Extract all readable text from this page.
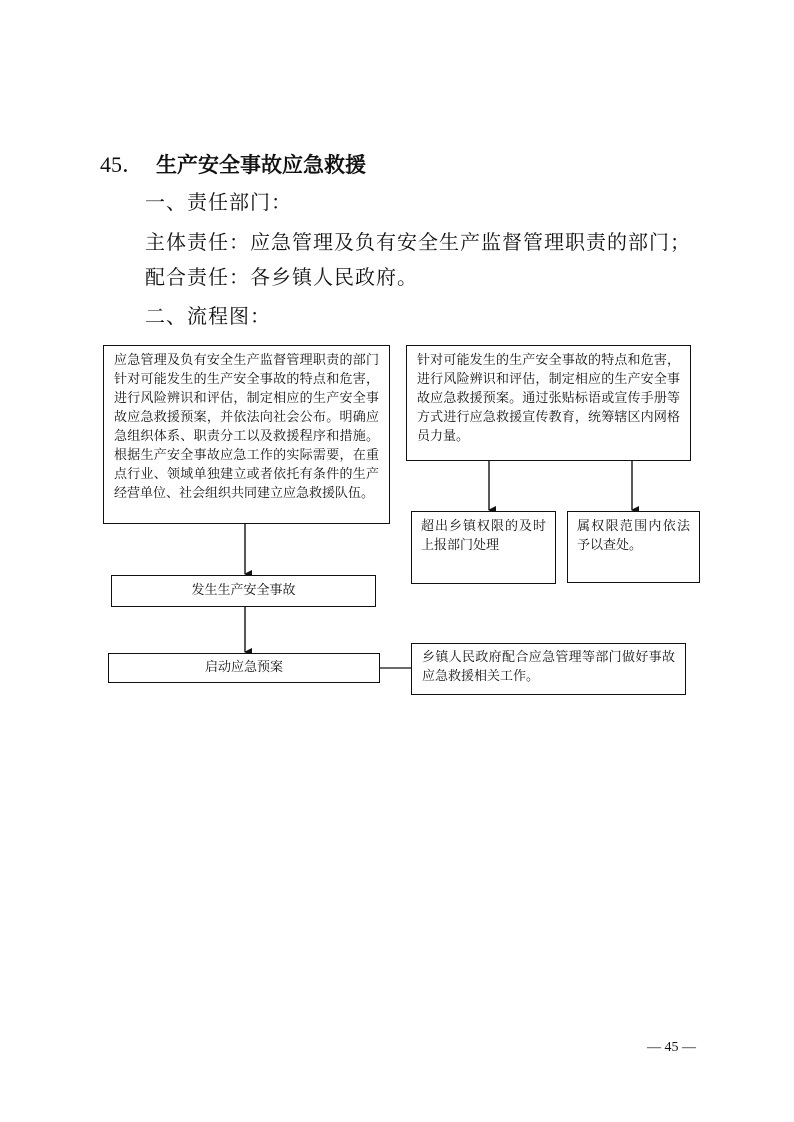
45． 生产安全事故应急救援
一、责任部门：
主体责任：应急管理及负有安全生产监督管理职责的部门；
配合责任：各乡镇人民政府。
二、流程图：
应急管理及负有安全生产监督管理职责的部门针对可能发生的生产安全事故的特点和危害，进行风险辨识和评估，制定相应的生产安全事故应急救援预案，并依法向社会公布。明确应急组织体系、职责分工以及救援程序和措施。根据生产安全事故应急工作的实际需要，在重点行业、领域单独建立或者依托有条件的生产经营单位、社会组织共同建立应急救援队伍。
针对可能发生的生产安全事故的特点和危害，进行风险辨识和评估，制定相应的生产安全事故应急救援预案。通过张贴标语或宣传手册等方式进行应急救援宣传教育，统筹辖区内网格员力量。
超出乡镇权限的及时上报部门处理
属权限范围内依法予以查处。
发生生产安全事故
启动应急预案
乡镇人民政府配合应急管理等部门做好事故应急救援相关工作。
— 45 —
